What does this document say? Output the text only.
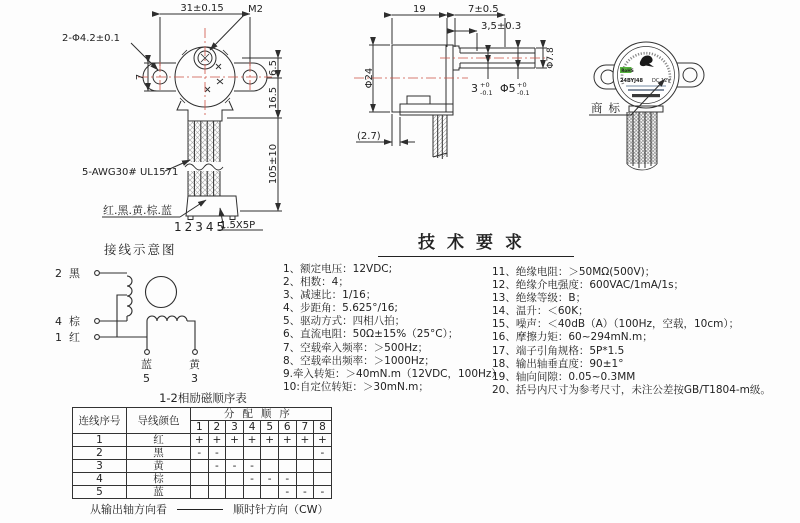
31±0.15 M2
2-Φ4.2±0.1
7
6.5
16.5
105±10
5-AWG30# UL1571
红.黑.黄.棕.蓝
12345
1.5X5P
19	7±0.5
3,5±0.3
Φ24
Φ7.8
(2.7)
3 +0
-0.1 Φ5 +0
-0.1
RoHS
24BYJ48 DC 12V
商标
接线示意图
2 黑
4 棕
1 红
蓝
5
黄
3
技术要求
1、额定电压：12VDC;
2、相数：4；
3、减速比：1/16；
4、步距角：5.625°/16;
5、驱动方式：四相八拍；
6、直流电阻：50Ω±15%（25°C）；
7、空载牵入频率：＞500Hz；
8、空载牵出频率：＞1000Hz；
9.牵入转矩：＞40mN.m（12VDC，100Hz）
10:自定位转矩：＞30mN.m；
11、绝缘电阻：＞50MΩ(500V)；
12、绝缘介电强度：600VAC/1mA/1s；
13、绝缘等级：B；
14、温升：＜60K；
15、噪声：＜40dB（A）（100Hz，空载，10cm）；
16、摩擦力矩：60~294mN.m；
17、端子引角规格：5P*1.5
18、输出轴垂直度：90±1°
19、轴向间隙：0.05~0.3MM
20、括号内尺寸为参考尺寸，未注公差按GB/T1804-m级。
1-2相励磁顺序表
连线序号	导线颜色	分配顺序							
		1	2	3	4	5	6	7	8
1	红	+	+	+	+	+	+	+	+
2	黑	-	-						-
3	黄		-	-	-				
4	棕				-	-	-		
5	蓝						-	-	-
从输出轴方向看	顺时针方向（CW）
